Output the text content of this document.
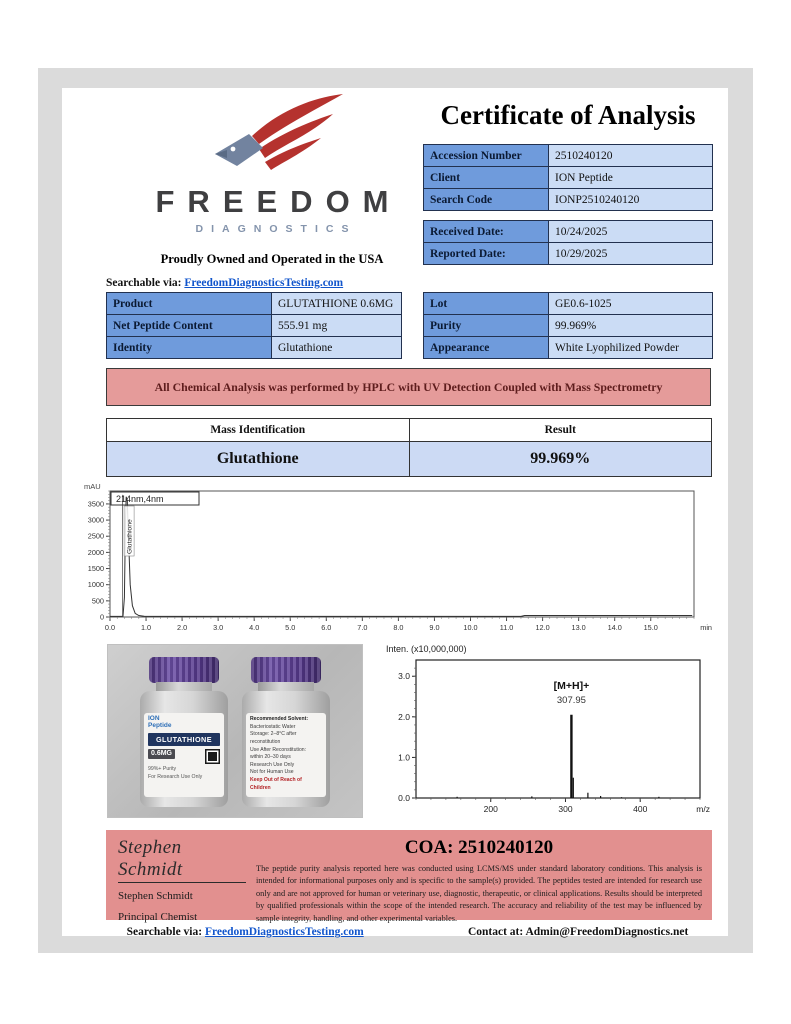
FREEDOM
DIAGNOSTICS
Proudly Owned and Operated in the USA
Searchable via: FreedomDiagnosticsTesting.com
Certificate of Analysis
Accession Number	2510240120
Client	ION Peptide
Search Code	IONP2510240120
Received Date:	10/24/2025
Reported Date:	10/29/2025
Product	GLUTATHIONE 0.6MG
Net Peptide Content	555.91 mg
Identity	Glutathione
Lot	GE0.6-1025
Purity	99.969%
Appearance	White Lyophilized Powder
All Chemical Analysis was performed by HPLC with UV Detection Coupled with Mass Spectrometry
Mass Identification	Result
Glutathione	99.969%
mAU
0
500
1000
1500
2000
2500
3000
3500
0.0	1.0	2.0	3.0	4.0	5.0	6.0	7.0	8.0	9.0	10.0	11.0	12.0	13.0	14.0	15.0	min
Glutathione
214nm,4nm
ION
Peptide
GLUTATHIONE
0.6MG
99%+ Purity
For Research Use Only
Recommended Solvent:
Bacteriostatic Water
Storage: 2–8°C after reconstitution
Use After Reconstitution:
within 20–30 days
Research Use Only
Not for Human Use
Keep Out of Reach of Children
Inten. (x10,000,000)
0.0
1.0
2.0
3.0
200	300	400	m/z
[M+H]+
307.95
Stephen Schmidt
Stephen Schmidt
Principal Chemist
COA: 2510240120
The peptide purity analysis reported here was conducted using LCMS/MS under standard laboratory conditions. This analysis is intended for informational purposes only and is specific to the sample(s) provided. The peptides tested are intended for research use only and are not approved for human or veterinary use, diagnostic, therapeutic, or clinical applications. Results should be interpreted by qualified professionals within the scope of the intended research. The accuracy and reliability of the test may be influenced by sample integrity, handling, and other experimental variables.
Searchable via: FreedomDiagnosticsTesting.com	Contact at: Admin@FreedomDiagnostics.net
